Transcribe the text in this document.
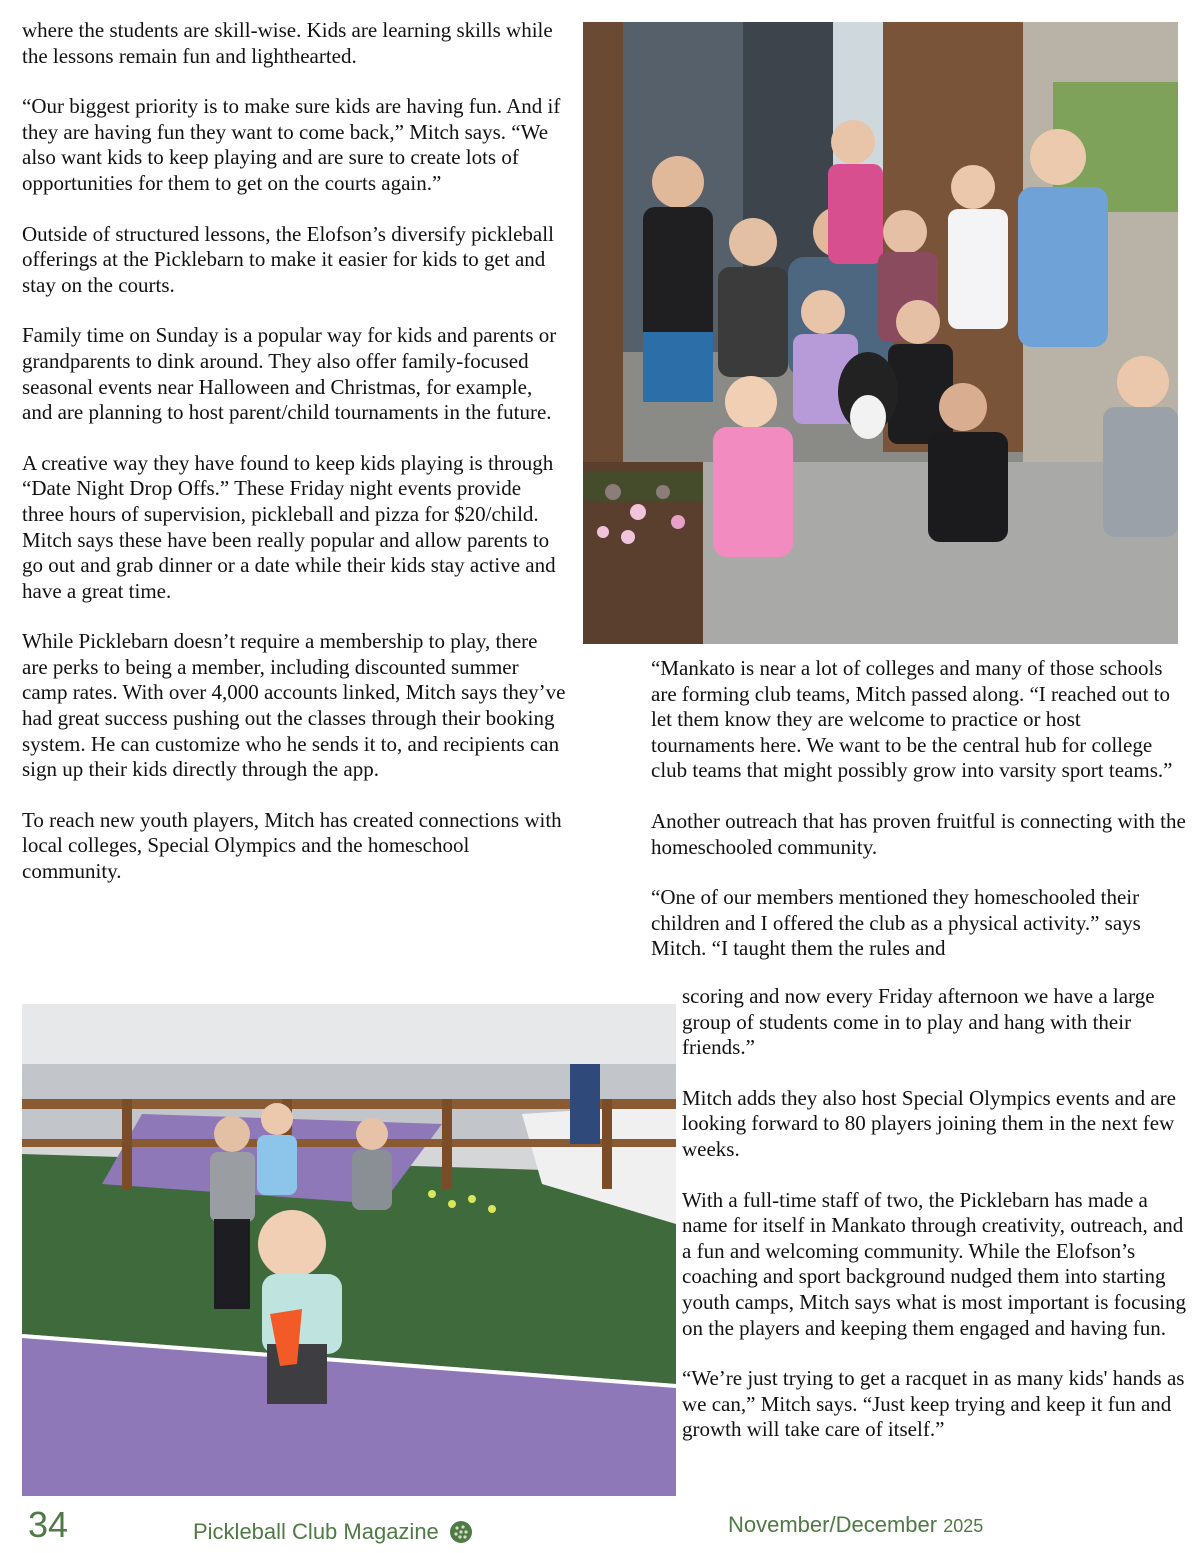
where the students are skill-wise. Kids are learning skills while the lessons remain fun and lighthearted.

“Our biggest priority is to make sure kids are having fun. And if they are having fun they want to come back,” Mitch says. “We also want kids to keep playing and are sure to create lots of opportunities for them to get on the courts again.”

Outside of structured lessons, the Elofson’s diversify pickleball offerings at the Picklebarn to make it easier for kids to get and stay on the courts.

Family time on Sunday is a popular way for kids and parents or grandparents to dink around. They also offer family-focused seasonal events near Halloween and Christmas, for example, and are planning to host parent/child tournaments in the future.

A creative way they have found to keep kids playing is through “Date Night Drop Offs.” These Friday night events provide three hours of supervision, pickleball and pizza for $20/child. Mitch says these have been really popular and allow parents to go out and grab dinner or a date while their kids stay active and have a great time.

While Picklebarn doesn’t require a membership to play, there are perks to being a member, including discounted summer camp rates. With over 4,000 accounts linked, Mitch says they’ve had great success pushing out the classes through their booking system. He can customize who he sends it to, and recipients can sign up their kids directly through the app.

To reach new youth players, Mitch has created connections with local colleges, Special Olympics and the homeschool community.

“Mankato is near a lot of colleges and many of those schools are forming club teams, Mitch passed along. “I reached out to let them know they are welcome to practice or host tournaments here. We want to be the central hub for college club teams that might possibly grow into varsity sport teams.”

Another outreach that has proven fruitful is connecting with the homeschooled community.

“One of our members mentioned they homeschooled their children and I offered the club as a physical activity.” says Mitch. “I taught them the rules and

scoring and now every Friday afternoon we have a large group of students come in to play and hang with their friends.”

Mitch adds they also host Special Olympics events and are looking forward to 80 players joining them in the next few weeks.

With a full-time staff of two, the Picklebarn has made a name for itself in Mankato through creativity, outreach, and a fun and welcoming community. While the Elofson’s coaching and sport background nudged them into starting youth camps, Mitch says what is most important is focusing on the players and keeping them engaged and having fun.

“We’re just trying to get a racquet in as many kids' hands as we can,” Mitch says. “Just keep trying and keep it fun and growth will take care of itself.”

34	Pickleball Club Magazine	November/December 2025
